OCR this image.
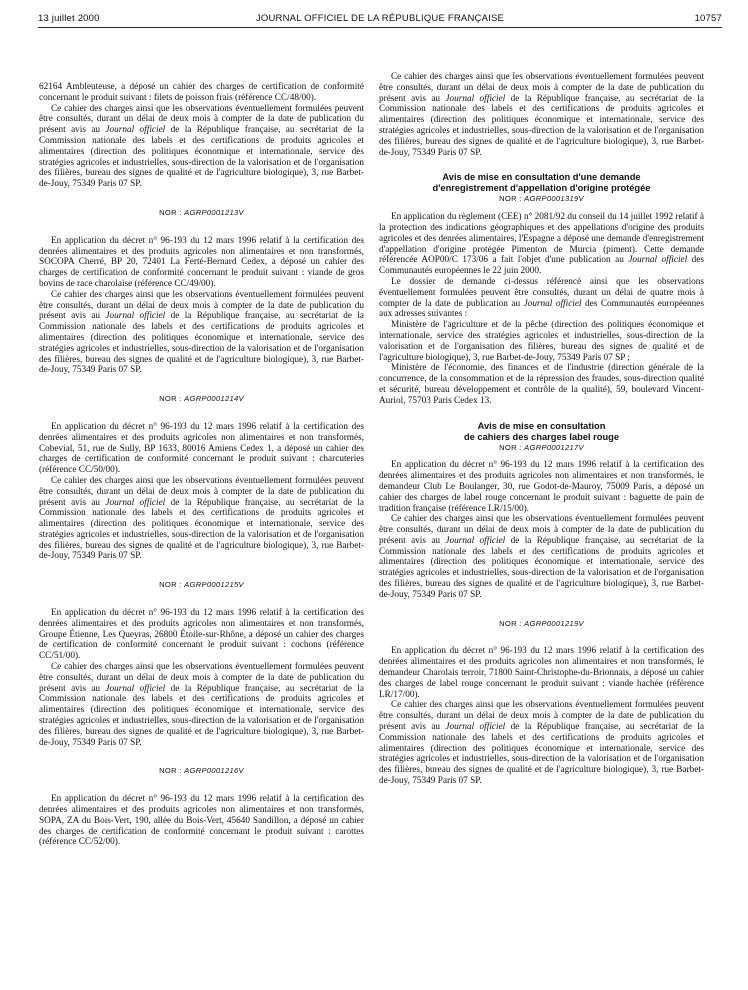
13 juillet 2000	JOURNAL OFFICIEL DE LA RÉPUBLIQUE FRANÇAISE	10757

62164 Ambleuteuse, a déposé un cahier des charges de certification de conformité concernant le produit suivant : filets de poisson frais (référence CC/48/00).

Ce cahier des charges ainsi que les observations éventuellement formulées peuvent être consultés, durant un délai de deux mois à compter de la date de publication du présent avis au Journal officiel de la République française, au secrétariat de la Commission nationale des labels et des certifications de produits agricoles et alimentaires (direction des politiques économique et internationale, service des stratégies agricoles et industrielles, sous-direction de la valorisation et de l'organisation des filières, bureau des signes de qualité et de l'agriculture biologique), 3, rue Barbet-de-Jouy, 75349 Paris 07 SP.

NOR : AGRP0001213V

En application du décret n° 96-193 du 12 mars 1996 relatif à la certification des denrées alimentaires et des produits agricoles non alimentaires et non transformés, SOCOPA Cherré, BP 20, 72401 La Ferté-Bernard Cedex, a déposé un cahier des charges de certification de conformité concernant le produit suivant : viande de gros bovins de race charolaise (référence CC/49/00).

Ce cahier des charges ainsi que les observations éventuellement formulées peuvent être consultés, durant un délai de deux mois à compter de la date de publication du présent avis au Journal officiel de la République française, au secrétariat de la Commission nationale des labels et des certifications de produits agricoles et alimentaires (direction des politiques économique et internationale, service des stratégies agricoles et industrielles, sous-direction de la valorisation et de l'organisation des filières, bureau des signes de qualité et de l'agriculture biologique), 3, rue Barbet-de-Jouy, 75349 Paris 07 SP.

NOR : AGRP0001214V

En application du décret n° 96-193 du 12 mars 1996 relatif à la certification des denrées alimentaires et des produits agricoles non alimentaires et non transformés, Cobevial, 51, rue de Sully, BP 1633, 80016 Amiens Cedex 1, a déposé un cahier des charges de certification de conformité concernant le produit suivant : charcuteries (référence CC/50/00).

Ce cahier des charges ainsi que les observations éventuellement formulées peuvent être consultés, durant un délai de deux mois à compter de la date de publication du présent avis au Journal officiel de la République française, au secrétariat de la Commission nationale des labels et des certifications de produits agricoles et alimentaires (direction des politiques économique et internationale, service des stratégies agricoles et industrielles, sous-direction de la valorisation et de l'organisation des filières, bureau des signes de qualité et de l'agriculture biologique), 3, rue Barbet-de-Jouy, 75349 Paris 07 SP.

NOR : AGRP0001215V

En application du décret n° 96-193 du 12 mars 1996 relatif à la certification des denrées alimentaires et des produits agricoles non alimentaires et non transformés, Groupe Étienne, Les Queyras, 26800 Étoile-sur-Rhône, a déposé un cahier des charges de certification de conformité concernant le produit suivant : cochons (référence CC/51/00).

Ce cahier des charges ainsi que les observations éventuellement formulées peuvent être consultés, durant un délai de deux mois à compter de la date de publication du présent avis au Journal officiel de la République française, au secrétariat de la Commission nationale des labels et des certifications de produits agricoles et alimentaires (direction des politiques économique et internationale, service des stratégies agricoles et industrielles, sous-direction de la valorisation et de l'organisation des filières, bureau des signes de qualité et de l'agriculture biologique), 3, rue Barbet-de-Jouy, 75349 Paris 07 SP.

NOR : AGRP0001216V

En application du décret n° 96-193 du 12 mars 1996 relatif à la certification des denrées alimentaires et des produits agricoles non alimentaires et non transformés, SOPA, ZA du Bois-Vert, 190, allée du Bois-Vert, 45640 Sandillon, a déposé un cahier des charges de certification de conformité concernant le produit suivant : carottes (référence CC/52/00).

Ce cahier des charges ainsi que les observations éventuellement formulées peuvent être consultés, durant un délai de deux mois à compter de la date de publication du présent avis au Journal officiel de la République française, au secrétariat de la Commission nationale des labels et des certifications de produits agricoles et alimentaires (direction des politiques économique et internationale, service des stratégies agricoles et industrielles, sous-direction de la valorisation et de l'organisation des filières, bureau des signes de qualité et de l'agriculture biologique), 3, rue Barbet-de-Jouy, 75349 Paris 07 SP.

Avis de mise en consultation d'une demande
d'enregistrement d'appellation d'origine protégée
NOR : AGRP0001319V

En application du règlement (CEE) n° 2081/92 du conseil du 14 juillet 1992 relatif à la protection des indications géographiques et des appellations d'origine des produits agricoles et des denrées alimentaires, l'Espagne a déposé une demande d'enregistrement d'appellation d'origine protégée Pimenton de Murcia (piment). Cette demande référencée AOP00/C 173/06 a fait l'objet d'une publication au Journal officiel des Communautés européennes le 22 juin 2000.

Le dossier de demande ci-dessus référencé ainsi que les observations éventuellement formulées peuvent être consultés, durant un délai de quatre mois à compter de la date de publication au Journal officiel des Communautés européennes aux adresses suivantes :

Ministère de l'agriculture et de la pêche (direction des politiques économique et internationale, service des stratégies agricoles et industrielles, sous-direction de la valorisation et de l'organisation des filières, bureau des signes de qualité et de l'agriculture biologique), 3, rue Barbet-de-Jouy, 75349 Paris 07 SP ;

Ministère de l'économie, des finances et de l'industrie (direction générale de la concurrence, de la consommation et de la répression des fraudes, sous-direction qualité et sécurité, bureau développement et contrôle de la qualité), 59, boulevard Vincent-Auriol, 75703 Paris Cedex 13.

Avis de mise en consultation
de cahiers des charges label rouge
NOR : AGRP0001217V

En application du décret n° 96-193 du 12 mars 1996 relatif à la certification des denrées alimentaires et des produits agricoles non alimentaires et non transformés, le demandeur Club Le Boulanger, 30, rue Godot-de-Mauroy, 75009 Paris, a déposé un cahier des charges de label rouge concernant le produit suivant : baguette de pain de tradition française (référence LR/15/00).

Ce cahier des charges ainsi que les observations éventuellement formulées peuvent être consultés, durant un délai de deux mois à compter de la date de publication du présent avis au Journal officiel de la République française, au secrétariat de la Commission nationale des labels et des certifications de produits agricoles et alimentaires (direction des politiques économique et internationale, service des stratégies agricoles et industrielles, sous-direction de la valorisation et de l'organisation des filières, bureau des signes de qualité et de l'agriculture biologique), 3, rue Barbet-de-Jouy, 75349 Paris 07 SP.

NOR : AGRP0001219V

En application du décret n° 96-193 du 12 mars 1996 relatif à la certification des denrées alimentaires et des produits agricoles non alimentaires et non transformés, le demandeur Charolais terroir, 71800 Saint-Christophe-du-Brionnais, a déposé un cahier des charges de label rouge concernant le produit suivant : viande hachée (référence LR/17/00).

Ce cahier des charges ainsi que les observations éventuellement formulées peuvent être consultés, durant un délai de deux mois à compter de la date de publication du présent avis au Journal officiel de la République française, au secrétariat de la Commission nationale des labels et des certifications de produits agricoles et alimentaires (direction des politiques économique et internationale, service des stratégies agricoles et industrielles, sous-direction de la valorisation et de l'organisation des filières, bureau des signes de qualité et de l'agriculture biologique), 3, rue Barbet-de-Jouy, 75349 Paris 07 SP.
